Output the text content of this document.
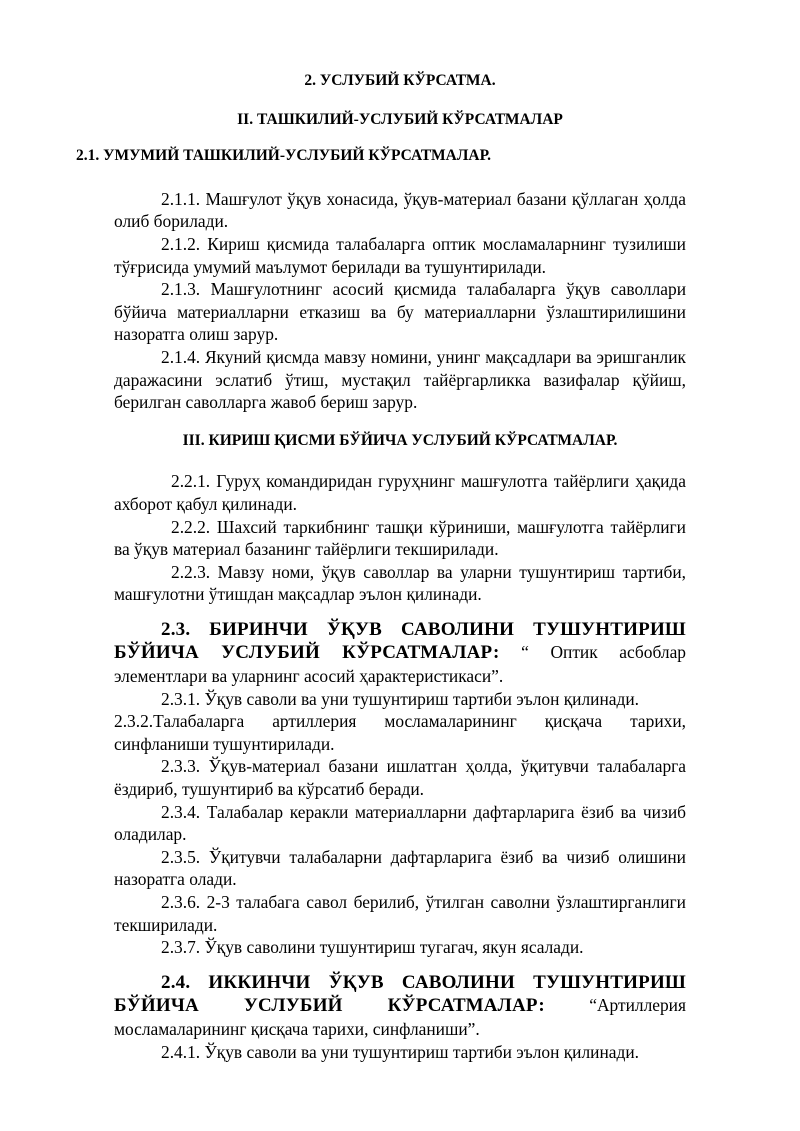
2. УСЛУБИЙ КЎРСАТМА.

II. ТАШКИЛИЙ-УСЛУБИЙ КЎРСАТМАЛАР

2.1. УМУМИЙ ТАШКИЛИЙ-УСЛУБИЙ КЎРСАТМАЛАР.

2.1.1. Машғулот ўқув хонасида, ўқув-материал базани қўллаган ҳолда олиб борилади.

2.1.2. Кириш қисмида талабаларга оптик мосламаларнинг тузилиши тўғрисида умумий маълумот берилади ва тушунтирилади.

2.1.3. Машғулотнинг асосий қисмида талабаларга ўқув саволлари бўйича материалларни етказиш ва бу материалларни ўзлаштирилишини назоратга олиш зарур.

2.1.4. Якуний қисмда мавзу номини, унинг мақсадлари ва эришганлик даражасини эслатиб ўтиш, мустақил тайёргарликка вазифалар қўйиш, берилган саволларга жавоб бериш зарур.

III. КИРИШ ҚИСМИ БЎЙИЧА УСЛУБИЙ КЎРСАТМАЛАР.

2.2.1. Гуруҳ командиридан гуруҳнинг машғулотга тайёрлиги ҳақида ахборот қабул қилинади.

2.2.2. Шахсий таркибнинг ташқи кўриниши, машғулотга тайёрлиги ва ўқув материал базанинг тайёрлиги текширилади.

2.2.3. Мавзу номи, ўқув саволлар ва уларни тушунтириш тартиби, машғулотни ўтишдан мақсадлар эълон қилинади.

2.3. БИРИНЧИ ЎҚУВ САВОЛИНИ ТУШУНТИРИШ БЎЙИЧА УСЛУБИЙ КЎРСАТМАЛАР: “ Оптик асбоблар элементлари ва уларнинг асосий ҳарактеристикаси”.

2.3.1. Ўқув саволи ва уни тушунтириш тартиби эълон қилинади.

2.3.2.Талабаларга артиллерия мосламаларининг қисқача тарихи, синфланиши тушунтирилади.

2.3.3. Ўқув-материал базани ишлатган ҳолда, ўқитувчи талабаларга ёздириб, тушунтириб ва кўрсатиб беради.

2.3.4. Талабалар керакли материалларни дафтарларига ёзиб ва чизиб оладилар.

2.3.5. Ўқитувчи талабаларни дафтарларига ёзиб ва чизиб олишини назоратга олади.

2.3.6. 2-3 талабага савол берилиб, ўтилган саволни ўзлаштирганлиги текширилади.

2.3.7. Ўқув саволини тушунтириш тугагач, якун ясалади.

2.4. ИККИНЧИ ЎҚУВ САВОЛИНИ ТУШУНТИРИШ БЎЙИЧА УСЛУБИЙ КЎРСАТМАЛАР: “Артиллерия мосламаларининг қисқача тарихи, синфланиши”.

2.4.1. Ўқув саволи ва уни тушунтириш тартиби эълон қилинади.
